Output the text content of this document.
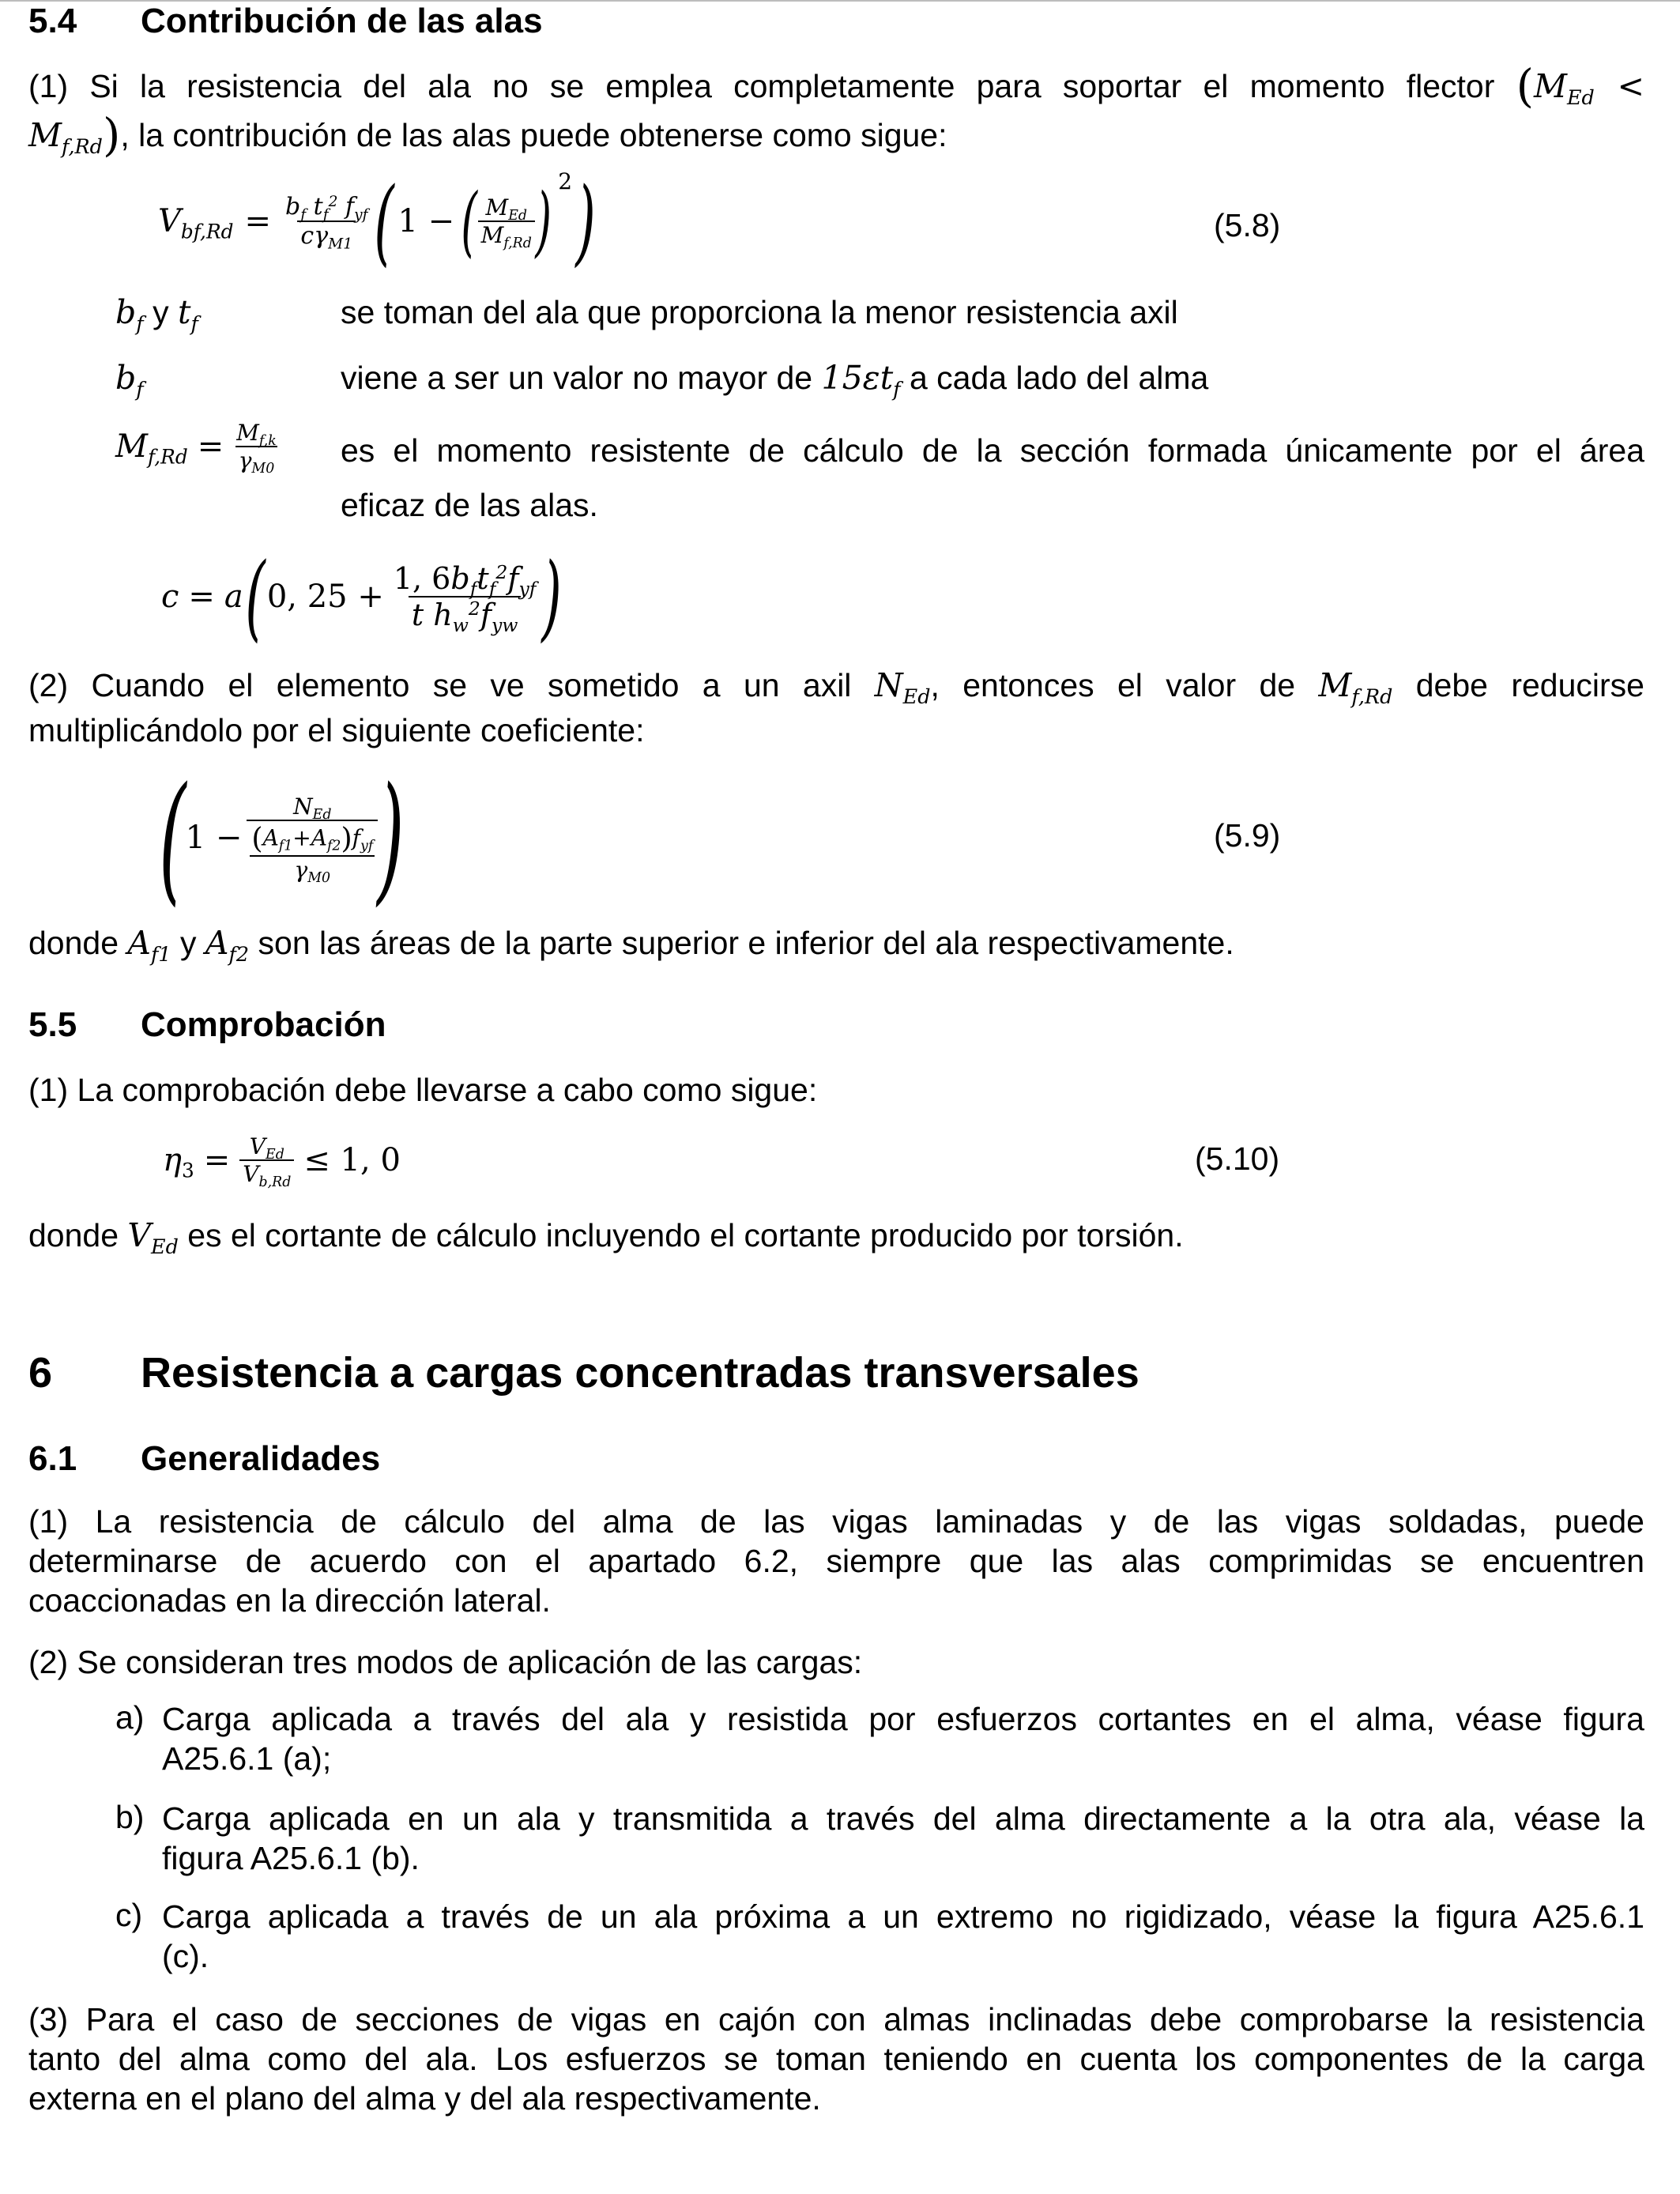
5.4 Contribución de las alas
(1) Si la resistencia del ala no se emplea completamente para soportar el momento flector ($M_{Ed}$ <
$M_{f,Rd}$), la contribución de las alas puede obtenerse como sigue:
$V_{bf,Rd} = \frac{b_f t_f^2 f_{yf}}{c\gamma_{M1}}$ ( 1 − ( $\frac{M_{Ed}}{M_{f,Rd}}$ ) 2 )	(5.8)
$b_f$ y $t_f$	se toman del ala que proporciona la menor resistencia axil
$b_f$	viene a ser un valor no mayor de $15\varepsilon t_f$ a cada lado del alma
$M_{f,Rd} = \frac{M_{f,k}}{\gamma_{M0}}$ es el momento resistente de cálculo de la sección formada únicamente por el área
eficaz de las alas.
c = a ( 0, $25 + \frac{1, 6b_ft_f^2f_{yf}}{t h_w^2f_{yw}}$ )
(2) Cuando el elemento se ve sometido a un axil $N_{Ed}$, entonces el valor de $M_{f,Rd}$ debe reducirse
multiplicándolo por el siguiente coeficiente:
( $1 - N_{Ed}$
$(A_{f1}+A_{f2})f_{yf}$
$\gamma_{M0}$ )	(5.9)
donde $A_{f1}$ y $A_{f2}$ son las áreas de la parte superior e inferior del ala respectivamente.
5.5 Comprobación
(1) La comprobación debe llevarse a cabo como sigue:
$\eta_3 = \frac{V_{Ed}}{V_{b,Rd}} \le 1$, 0	(5.10)
donde $V_{Ed}$ es el cortante de cálculo incluyendo el cortante producido por torsión.
6 Resistencia a cargas concentradas transversales
6.1 Generalidades
(1) La resistencia de cálculo del alma de las vigas laminadas y de las vigas soldadas, puede
determinarse de acuerdo con el apartado 6.2, siempre que las alas comprimidas se encuentren
coaccionadas en la dirección lateral.
(2) Se consideran tres modos de aplicación de las cargas:
a) Carga aplicada a través del ala y resistida por esfuerzos cortantes en el alma, véase figura
A25.6.1 (a);
b) Carga aplicada en un ala y transmitida a través del alma directamente a la otra ala, véase la
figura A25.6.1 (b).
c) Carga aplicada a través de un ala próxima a un extremo no rigidizado, véase la figura A25.6.1
(c).
(3) Para el caso de secciones de vigas en cajón con almas inclinadas debe comprobarse la resistencia
tanto del alma como del ala. Los esfuerzos se toman teniendo en cuenta los componentes de la carga
externa en el plano del alma y del ala respectivamente.
